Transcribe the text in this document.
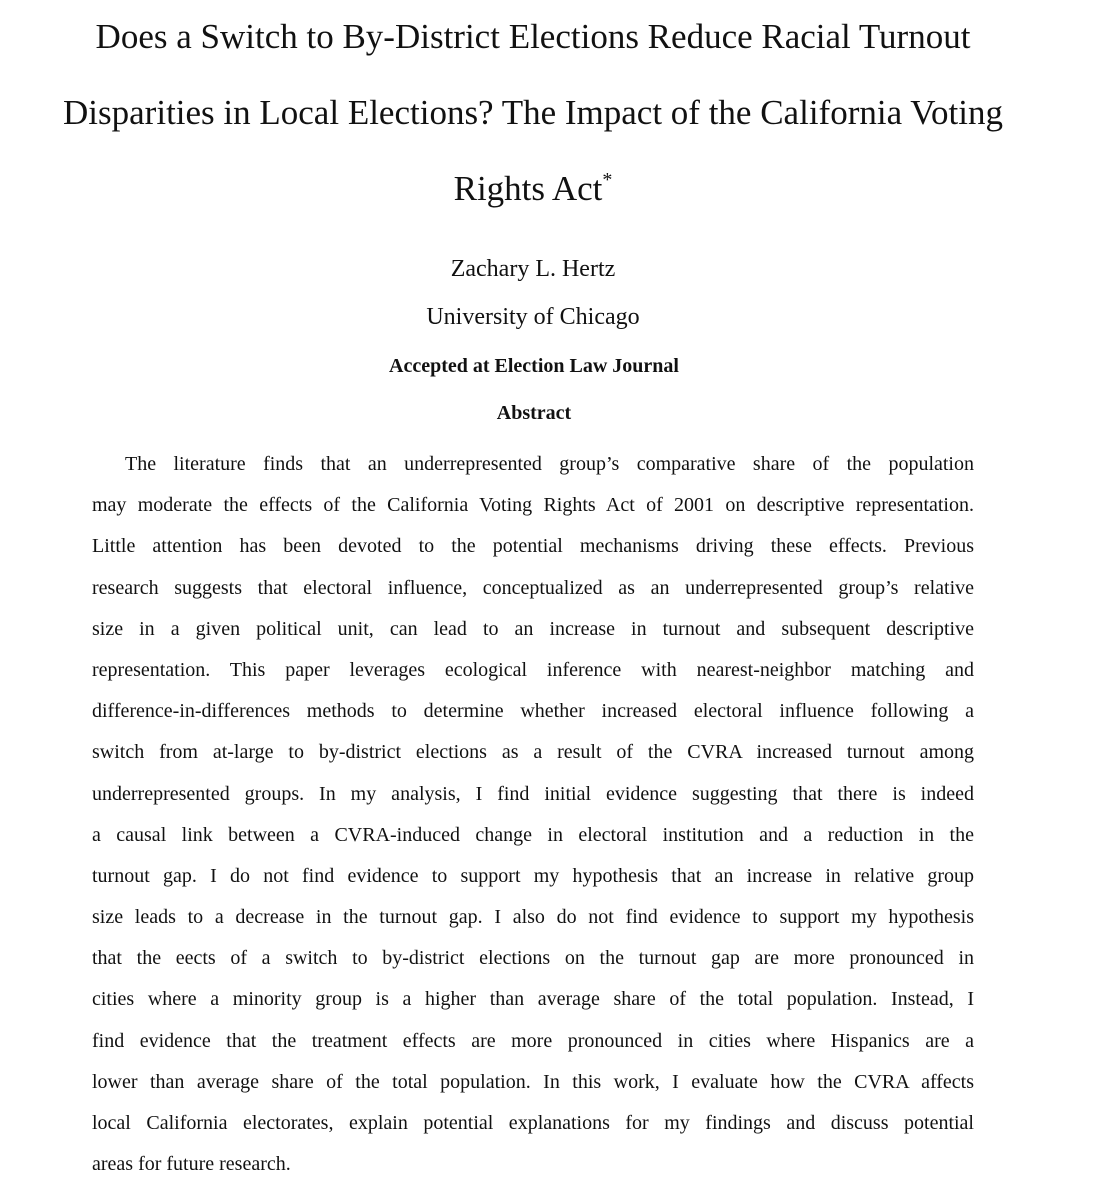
Does a Switch to By-District Elections Reduce Racial Turnout
Disparities in Local Elections? The Impact of the California Voting
Rights Act*
Zachary L. Hertz
University of Chicago
Accepted at Election Law Journal
Abstract
The literature finds that an underrepresented group’s comparative share of the population
may moderate the effects of the California Voting Rights Act of 2001 on descriptive representation.
Little attention has been devoted to the potential mechanisms driving these effects. Previous
research suggests that electoral influence, conceptualized as an underrepresented group’s relative
size in a given political unit, can lead to an increase in turnout and subsequent descriptive
representation. This paper leverages ecological inference with nearest-neighbor matching and
difference-in-differences methods to determine whether increased electoral influence following a
switch from at-large to by-district elections as a result of the CVRA increased turnout among
underrepresented groups. In my analysis, I find initial evidence suggesting that there is indeed
a causal link between a CVRA-induced change in electoral institution and a reduction in the
turnout gap. I do not find evidence to support my hypothesis that an increase in relative group
size leads to a decrease in the turnout gap. I also do not find evidence to support my hypothesis
that the eects of a switch to by-district elections on the turnout gap are more pronounced in
cities where a minority group is a higher than average share of the total population. Instead, I
find evidence that the treatment effects are more pronounced in cities where Hispanics are a
lower than average share of the total population. In this work, I evaluate how the CVRA affects
local California electorates, explain potential explanations for my findings and discuss potential
areas for future research.
